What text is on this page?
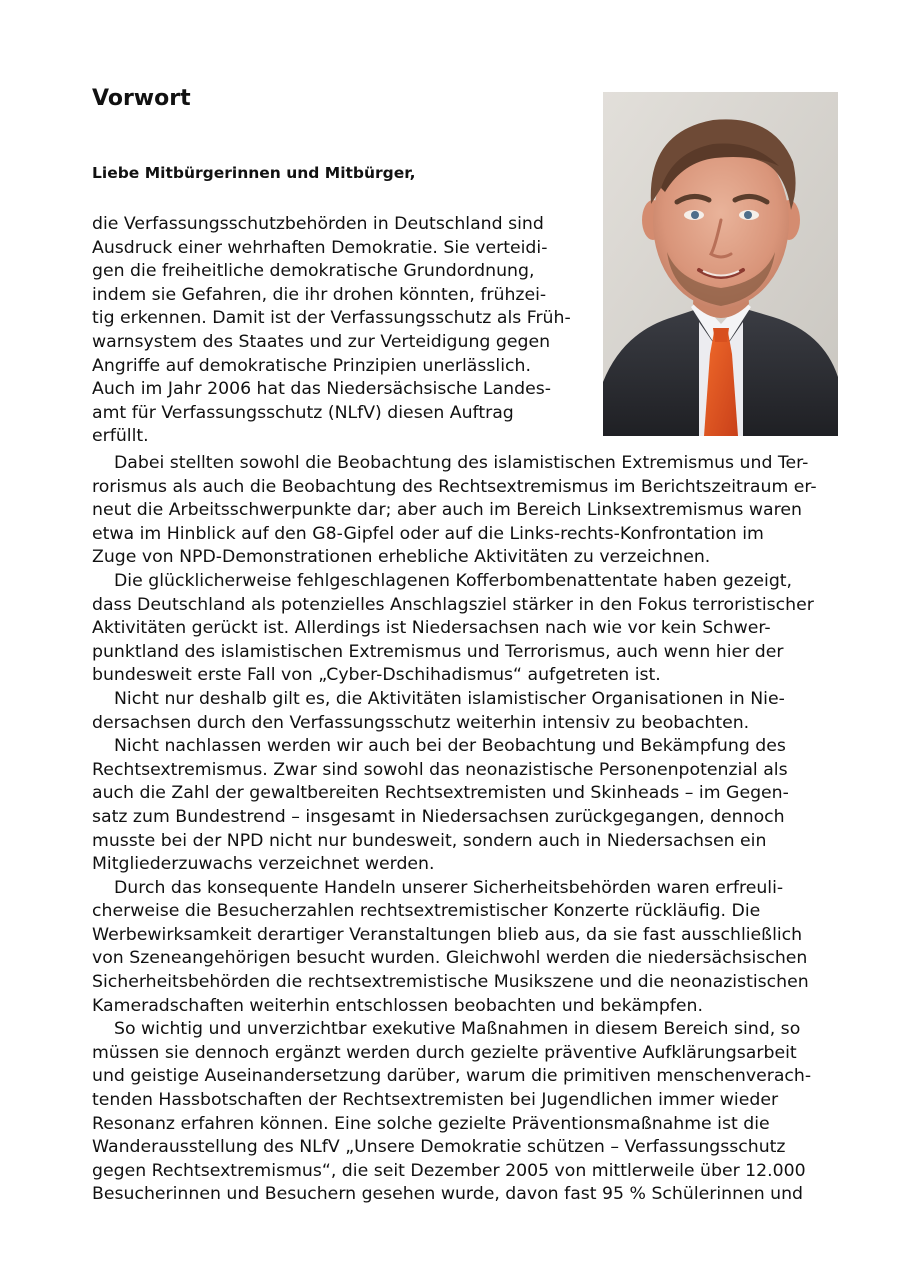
Vorwort

Liebe Mitbürgerinnen und Mitbürger,

die Verfassungsschutzbehörden in Deutschland sind
Ausdruck einer wehrhaften Demokratie. Sie verteidi-
gen die freiheitliche demokratische Grundordnung,
indem sie Gefahren, die ihr drohen könnten, frühzei-
tig erkennen. Damit ist der Verfassungsschutz als Früh-
warnsystem des Staates und zur Verteidigung gegen
Angriffe auf demokratische Prinzipien unerlässlich.
Auch im Jahr 2006 hat das Niedersächsische Landes-
amt für Verfassungsschutz (NLfV) diesen Auftrag
erfüllt.
Dabei stellten sowohl die Beobachtung des islamistischen Extremismus und Ter-
rorismus als auch die Beobachtung des Rechtsextremismus im Berichtszeitraum er-
neut die Arbeitsschwerpunkte dar; aber auch im Bereich Linksextremismus waren
etwa im Hinblick auf den G8-Gipfel oder auf die Links-rechts-Konfrontation im
Zuge von NPD-Demonstrationen erhebliche Aktivitäten zu verzeichnen.
Die glücklicherweise fehlgeschlagenen Kofferbombenattentate haben gezeigt,
dass Deutschland als potenzielles Anschlagsziel stärker in den Fokus terroristischer
Aktivitäten gerückt ist. Allerdings ist Niedersachsen nach wie vor kein Schwer-
punktland des islamistischen Extremismus und Terrorismus, auch wenn hier der
bundesweit erste Fall von „Cyber-Dschihadismus“ aufgetreten ist.
Nicht nur deshalb gilt es, die Aktivitäten islamistischer Organisationen in Nie-
dersachsen durch den Verfassungsschutz weiterhin intensiv zu beobachten.
Nicht nachlassen werden wir auch bei der Beobachtung und Bekämpfung des
Rechtsextremismus. Zwar sind sowohl das neonazistische Personenpotenzial als
auch die Zahl der gewaltbereiten Rechtsextremisten und Skinheads – im Gegen-
satz zum Bundestrend – insgesamt in Niedersachsen zurückgegangen, dennoch
musste bei der NPD nicht nur bundesweit, sondern auch in Niedersachsen ein
Mitgliederzuwachs verzeichnet werden.
Durch das konsequente Handeln unserer Sicherheitsbehörden waren erfreuli-
cherweise die Besucherzahlen rechtsextremistischer Konzerte rückläufig. Die
Werbewirksamkeit derartiger Veranstaltungen blieb aus, da sie fast ausschließlich
von Szeneangehörigen besucht wurden. Gleichwohl werden die niedersächsischen
Sicherheitsbehörden die rechtsextremistische Musikszene und die neonazistischen
Kameradschaften weiterhin entschlossen beobachten und bekämpfen.
So wichtig und unverzichtbar exekutive Maßnahmen in diesem Bereich sind, so
müssen sie dennoch ergänzt werden durch gezielte präventive Aufklärungsarbeit
und geistige Auseinandersetzung darüber, warum die primitiven menschenverach-
tenden Hassbotschaften der Rechtsextremisten bei Jugendlichen immer wieder
Resonanz erfahren können. Eine solche gezielte Präventionsmaßnahme ist die
Wanderausstellung des NLfV „Unsere Demokratie schützen – Verfassungsschutz
gegen Rechtsextremismus“, die seit Dezember 2005 von mittlerweile über 12.000
Besucherinnen und Besuchern gesehen wurde, davon fast 95 % Schülerinnen und
